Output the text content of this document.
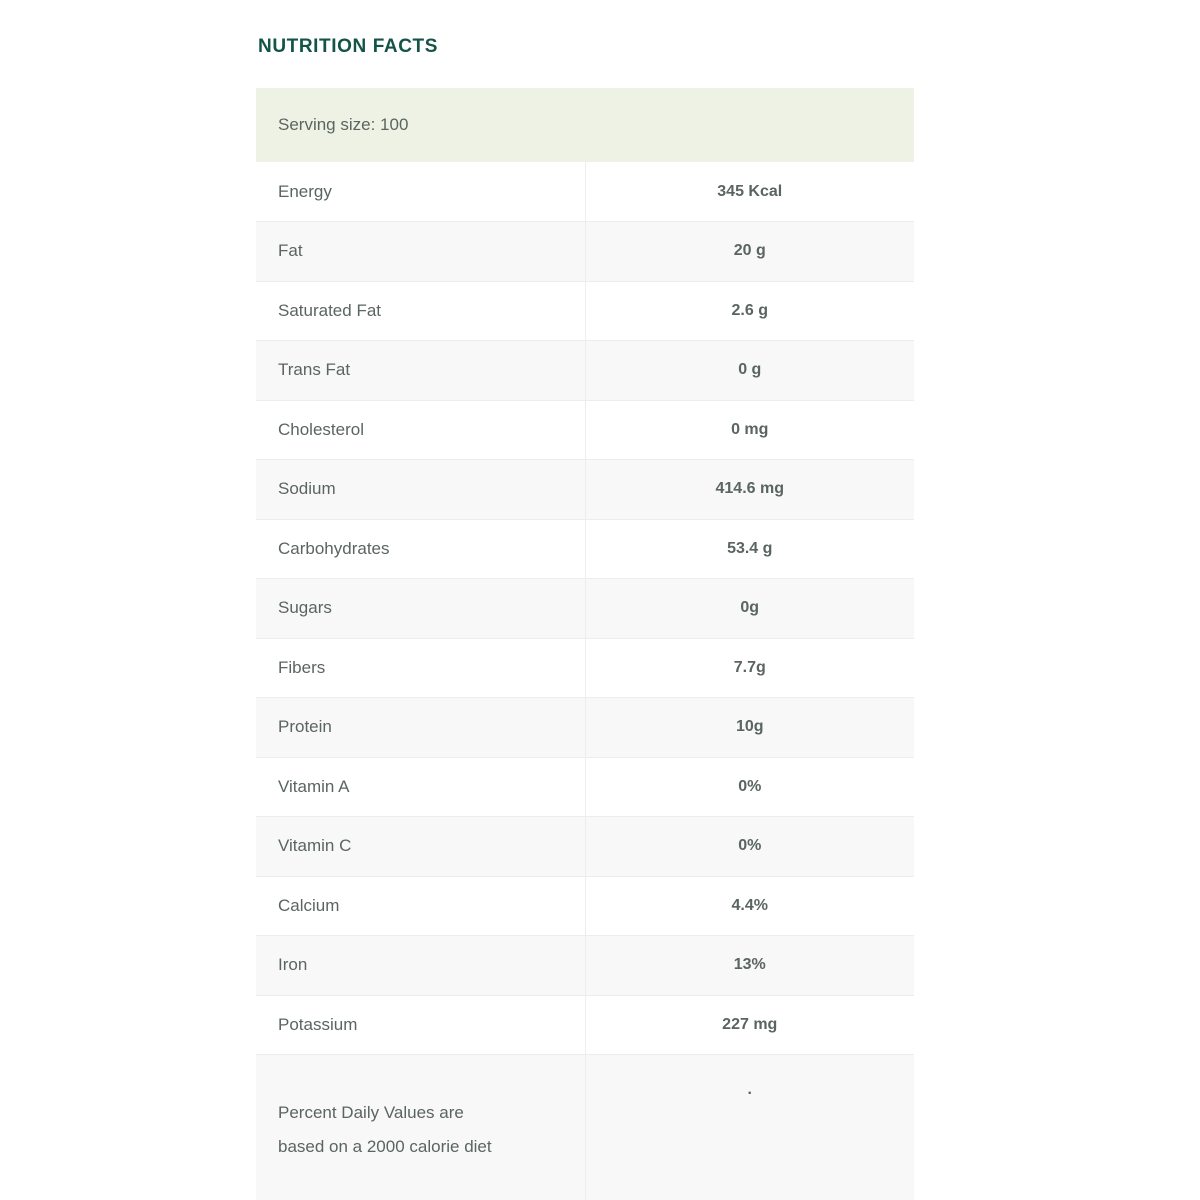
NUTRITION FACTS
Serving size: 100	
Energy	345 Kcal
Fat	20 g
Saturated Fat	2.6 g
Trans Fat	0 g
Cholesterol	0 mg
Sodium	414.6 mg
Carbohydrates	53.4 g
Sugars	0g
Fibers	7.7g
Protein	10g
Vitamin A	0%
Vitamin C	0%
Calcium	4.4%
Iron	13%
Potassium	227 mg

Percent Daily Values are
based on a 2000 calorie diet	.
